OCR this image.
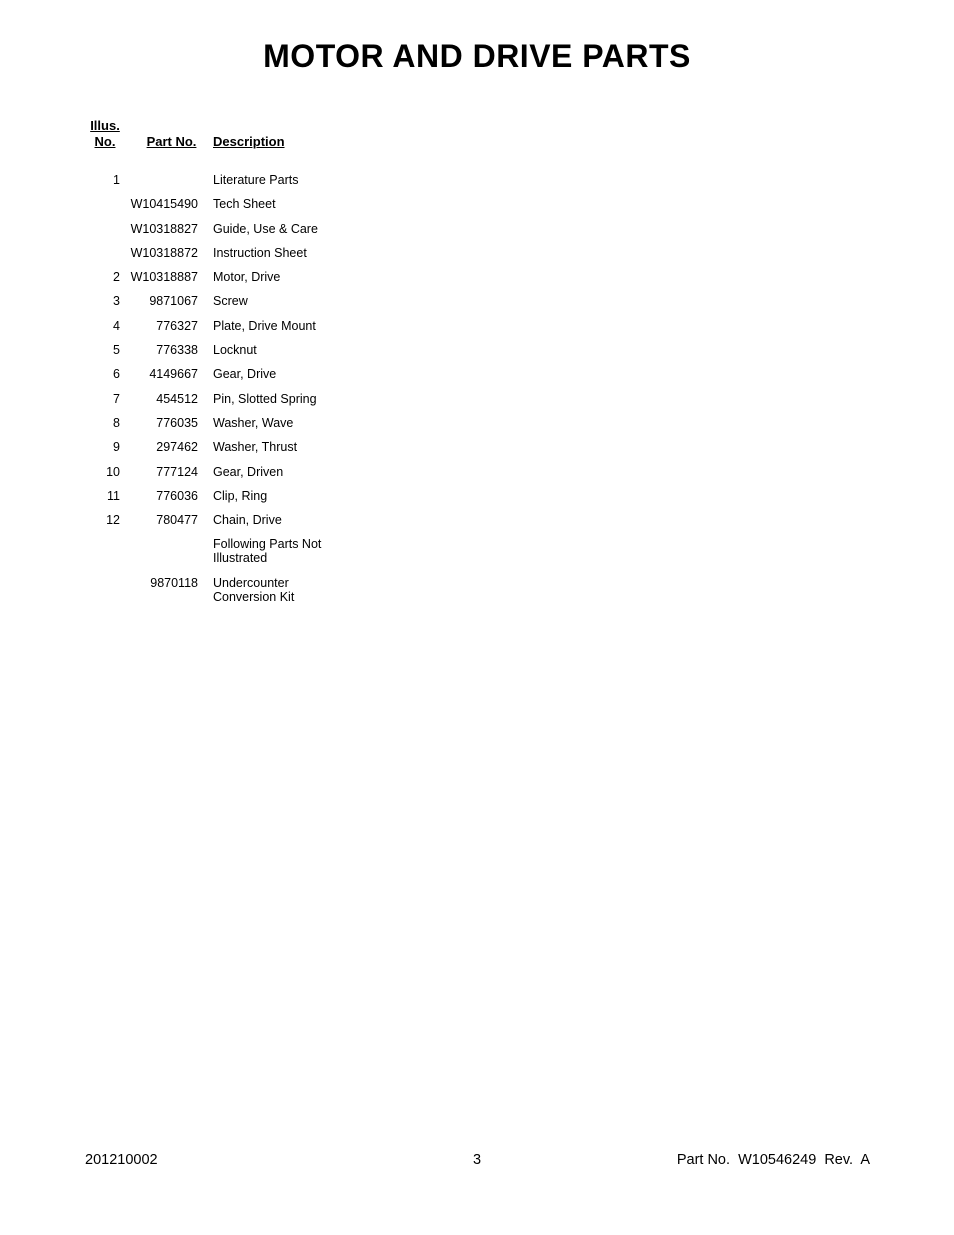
MOTOR AND DRIVE PARTS
Illus.
No.	Part No.	Description
1		Literature Parts
	W10415490	Tech Sheet
	W10318827	Guide, Use & Care
	W10318872	Instruction Sheet
2	W10318887	Motor, Drive
3	9871067	Screw
4	776327	Plate, Drive Mount
5	776338	Locknut
6	4149667	Gear, Drive
7	454512	Pin, Slotted Spring
8	776035	Washer, Wave
9	297462	Washer, Thrust
10	777124	Gear, Driven
11	776036	Clip, Ring
12	780477	Chain, Drive
		Following Parts Not Illustrated
	9870118	Undercounter Conversion Kit
201210002	3	Part No.  W10546249  Rev.  A
